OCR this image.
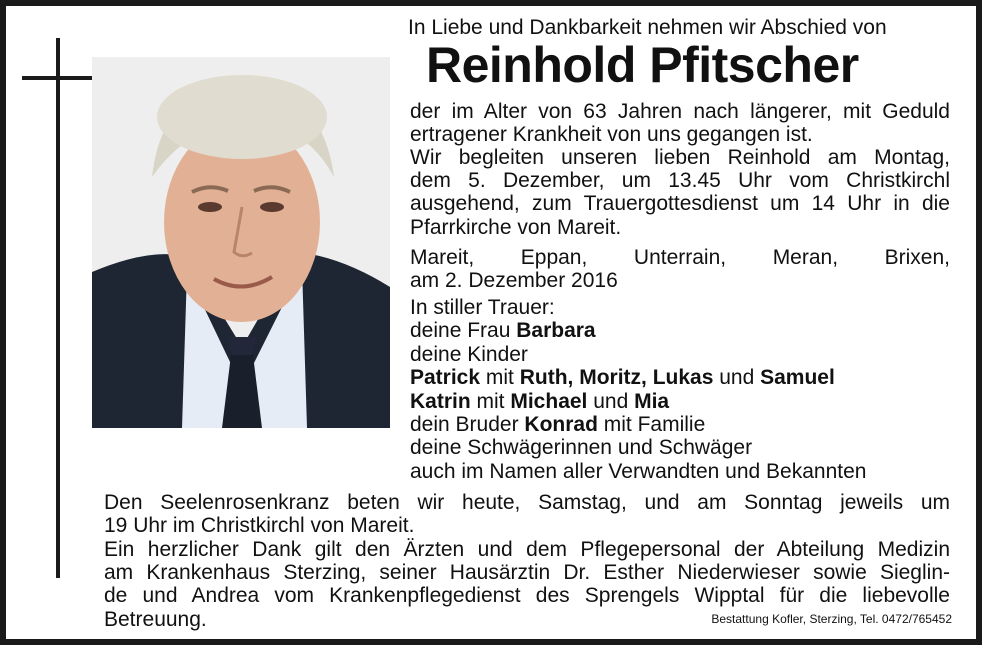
In Liebe und Dankbarkeit nehmen wir Abschied von
Reinhold Pfitscher
der im Alter von 63 Jahren nach längerer, mit Geduld
ertragener Krankheit von uns gegangen ist.
Wir begleiten unseren lieben Reinhold am Montag,
dem 5. Dezember, um 13.45 Uhr vom Christkirchl
ausgehend, zum Trauergottesdienst um 14 Uhr in die
Pfarrkirche von Mareit.
Mareit, Eppan, Unterrain, Meran, Brixen,
am 2. Dezember 2016
In stiller Trauer:
deine Frau Barbara
deine Kinder
Patrick mit Ruth, Moritz, Lukas und Samuel
Katrin mit Michael und Mia
dein Bruder Konrad mit Familie
deine Schwägerinnen und Schwäger
auch im Namen aller Verwandten und Bekannten
Den Seelenrosenkranz beten wir heute, Samstag, und am Sonntag jeweils um
19 Uhr im Christkirchl von Mareit.
Ein herzlicher Dank gilt den Ärzten und dem Pflegepersonal der Abteilung Medizin
am Krankenhaus Sterzing, seiner Hausärztin Dr. Esther Niederwieser sowie Sieglin-
de und Andrea vom Krankenpflegedienst des Sprengels Wipptal für die liebevolle
Betreuung.	Bestattung Kofler, Sterzing, Tel. 0472/765452
